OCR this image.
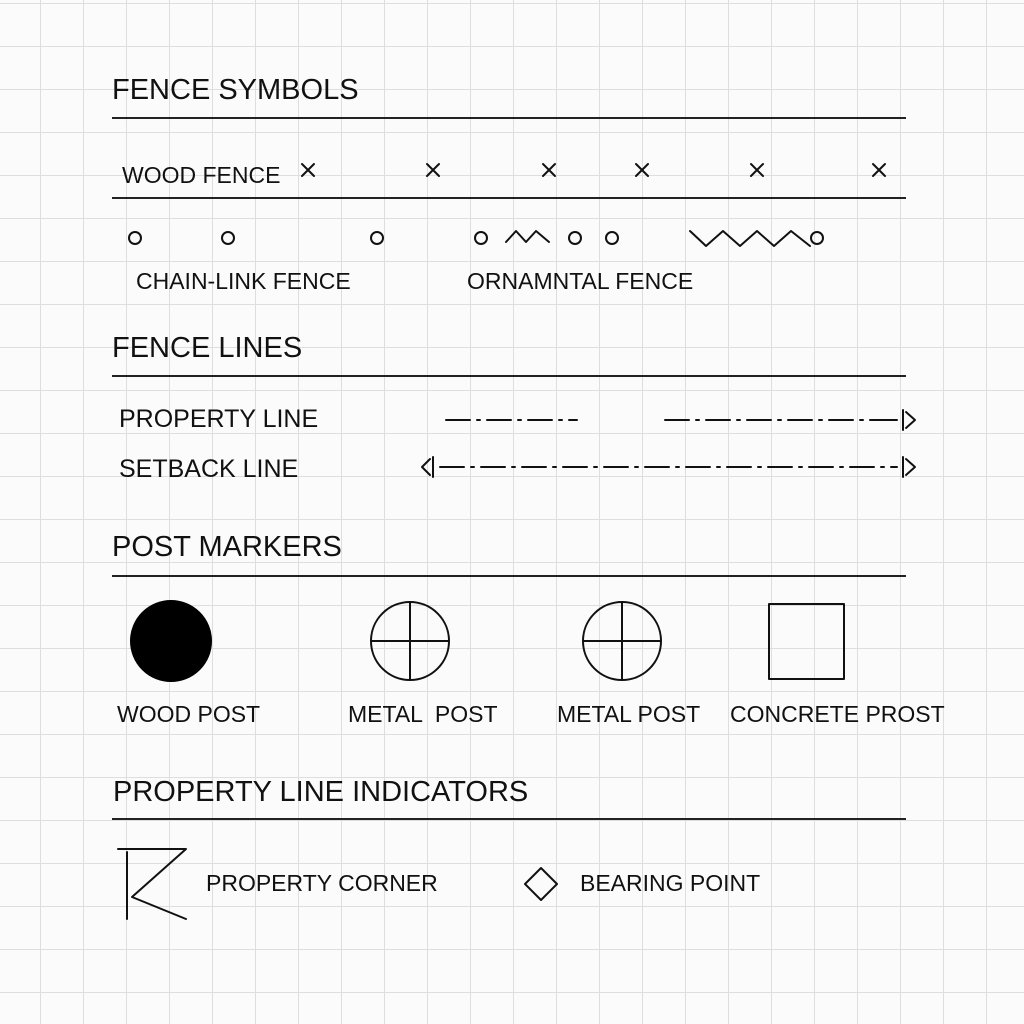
FENCE SYMBOLS
WOOD FENCE
CHAIN-LINK FENCE	ORNAMNTAL FENCE
FENCE LINES
PROPERTY LINE
SETBACK LINE
POST MARKERS
WOOD POST	METAL  POST	METAL POST CONCRETE PROST
PROPERTY LINE INDICATORS
PROPERTY CORNER	BEARING POINT
